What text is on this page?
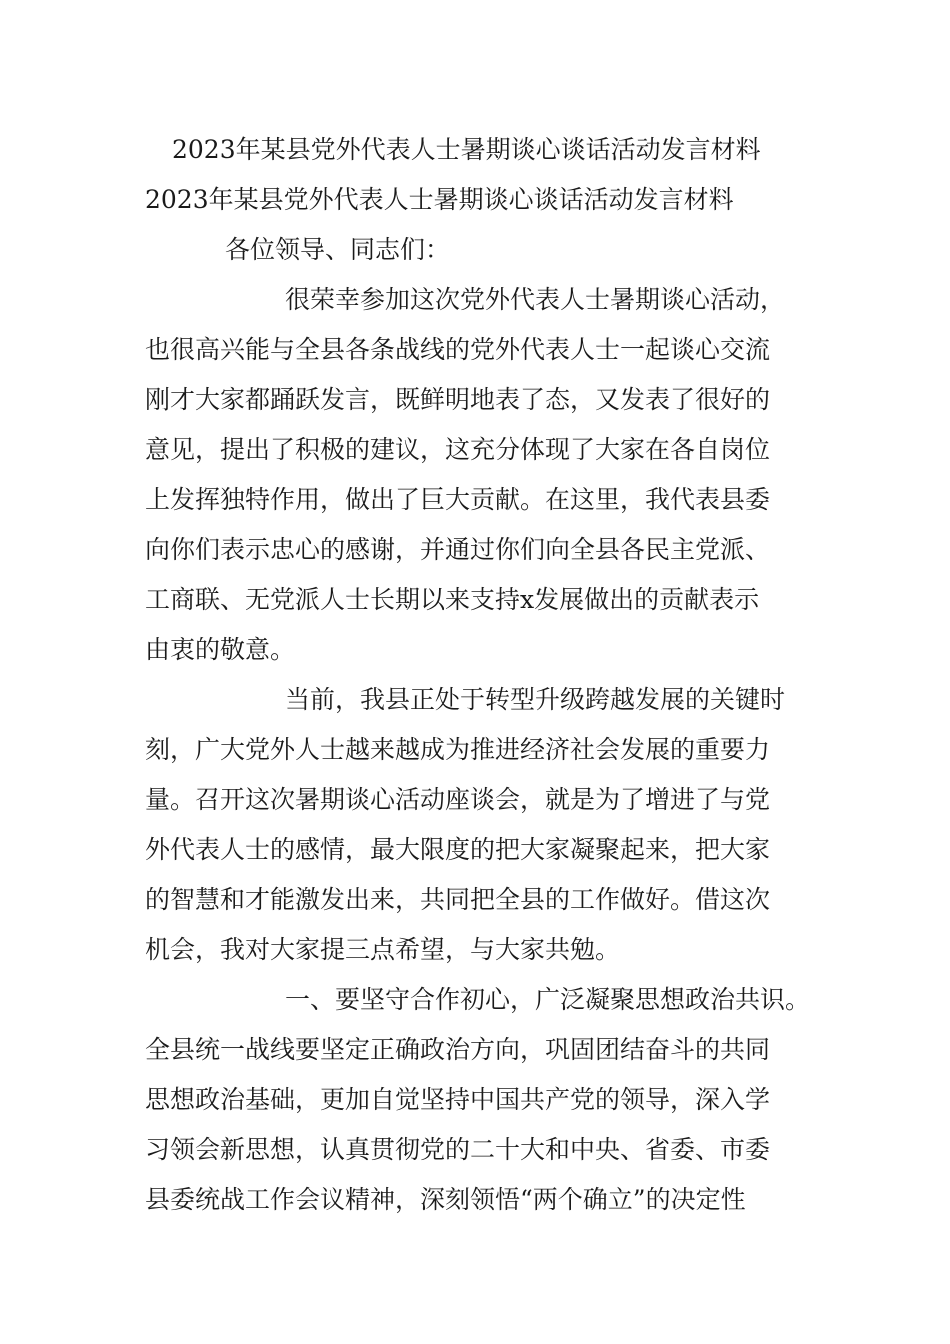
2023年某县党外代表人士暑期谈心谈话活动发言材料
2023年某县党外代表人士暑期谈心谈话活动发言材料
各位领导、同志们：
很荣幸参加这次党外代表人士暑期谈心活动，
也很高兴能与全县各条战线的党外代表人士一起谈心交流
刚才大家都踊跃发言，既鲜明地表了态，又发表了很好的
意见，提出了积极的建议，这充分体现了大家在各自岗位
上发挥独特作用，做出了巨大贡献。在这里，我代表县委
向你们表示忠心的感谢，并通过你们向全县各民主党派、
工商联、无党派人士长期以来支持x发展做出的贡献表示
由衷的敬意。
当前，我县正处于转型升级跨越发展的关键时
刻，广大党外人士越来越成为推进经济社会发展的重要力
量。召开这次暑期谈心活动座谈会，就是为了增进了与党
外代表人士的感情，最大限度的把大家凝聚起来，把大家
的智慧和才能激发出来，共同把全县的工作做好。借这次
机会，我对大家提三点希望，与大家共勉。
一、要坚守合作初心，广泛凝聚思想政治共识。
全县统一战线要坚定正确政治方向，巩固团结奋斗的共同
思想政治基础，更加自觉坚持中国共产党的领导，深入学
习领会新思想，认真贯彻党的二十大和中央、省委、市委
县委统战工作会议精神，深刻领悟“两个确立”的决定性
